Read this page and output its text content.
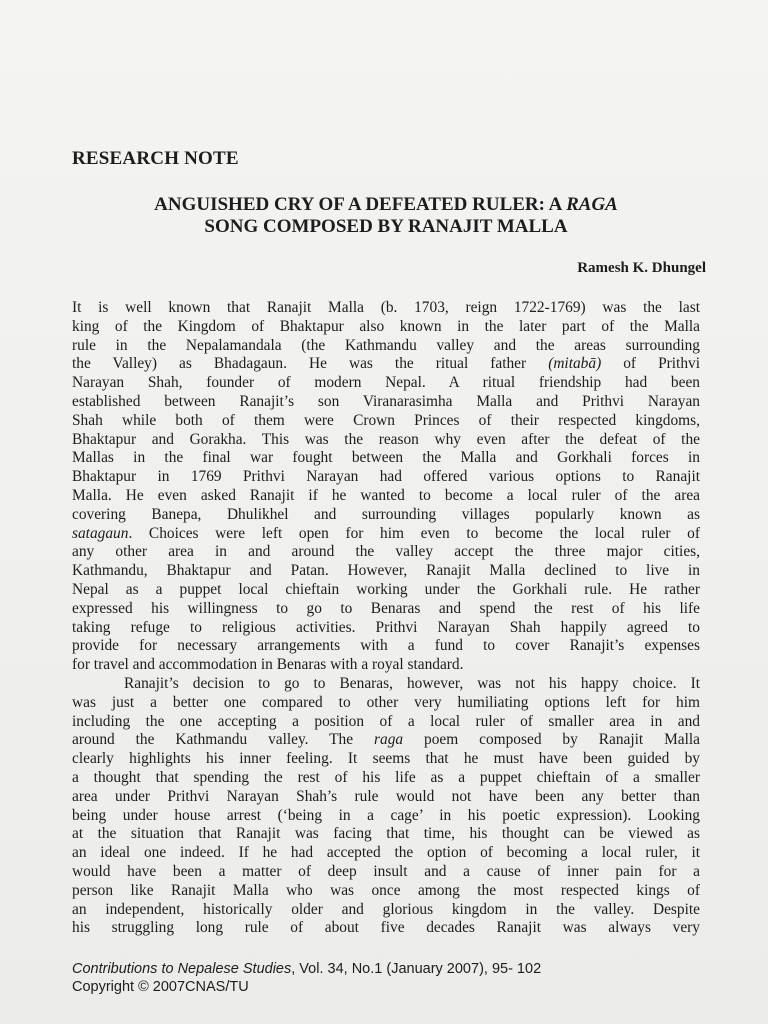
RESEARCH NOTE
ANGUISHED CRY OF A DEFEATED RULER: A RAGA
SONG COMPOSED BY RANAJIT MALLA
Ramesh K. Dhungel
It is well known that Ranajit Malla (b. 1703, reign 1722-1769) was the last
king of the Kingdom of Bhaktapur also known in the later part of the Malla
rule in the Nepalamandala (the Kathmandu valley and the areas surrounding
the Valley) as Bhadagaun. He was the ritual father (mitabā) of Prithvi
Narayan Shah, founder of modern Nepal. A ritual friendship had been
established between Ranajit’s son Viranarasimha Malla and Prithvi Narayan
Shah while both of them were Crown Princes of their respected kingdoms,
Bhaktapur and Gorakha. This was the reason why even after the defeat of the
Mallas in the final war fought between the Malla and Gorkhali forces in
Bhaktapur in 1769 Prithvi Narayan had offered various options to Ranajit
Malla. He even asked Ranajit if he wanted to become a local ruler of the area
covering Banepa, Dhulikhel and surrounding villages popularly known as
satagaun. Choices were left open for him even to become the local ruler of
any other area in and around the valley accept the three major cities,
Kathmandu, Bhaktapur and Patan. However, Ranajit Malla declined to live in
Nepal as a puppet local chieftain working under the Gorkhali rule. He rather
expressed his willingness to go to Benaras and spend the rest of his life
taking refuge to religious activities. Prithvi Narayan Shah happily agreed to
provide for necessary arrangements with a fund to cover Ranajit’s expenses
for travel and accommodation in Benaras with a royal standard.
Ranajit’s decision to go to Benaras, however, was not his happy choice. It
was just a better one compared to other very humiliating options left for him
including the one accepting a position of a local ruler of smaller area in and
around the Kathmandu valley. The raga poem composed by Ranajit Malla
clearly highlights his inner feeling. It seems that he must have been guided by
a thought that spending the rest of his life as a puppet chieftain of a smaller
area under Prithvi Narayan Shah’s rule would not have been any better than
being under house arrest (‘being in a cage’ in his poetic expression). Looking
at the situation that Ranajit was facing that time, his thought can be viewed as
an ideal one indeed. If he had accepted the option of becoming a local ruler, it
would have been a matter of deep insult and a cause of inner pain for a
person like Ranajit Malla who was once among the most respected kings of
an independent, historically older and glorious kingdom in the valley. Despite
his struggling long rule of about five decades Ranajit was always very
Contributions to Nepalese Studies, Vol. 34, No.1 (January 2007), 95- 102
Copyright © 2007CNAS/TU
